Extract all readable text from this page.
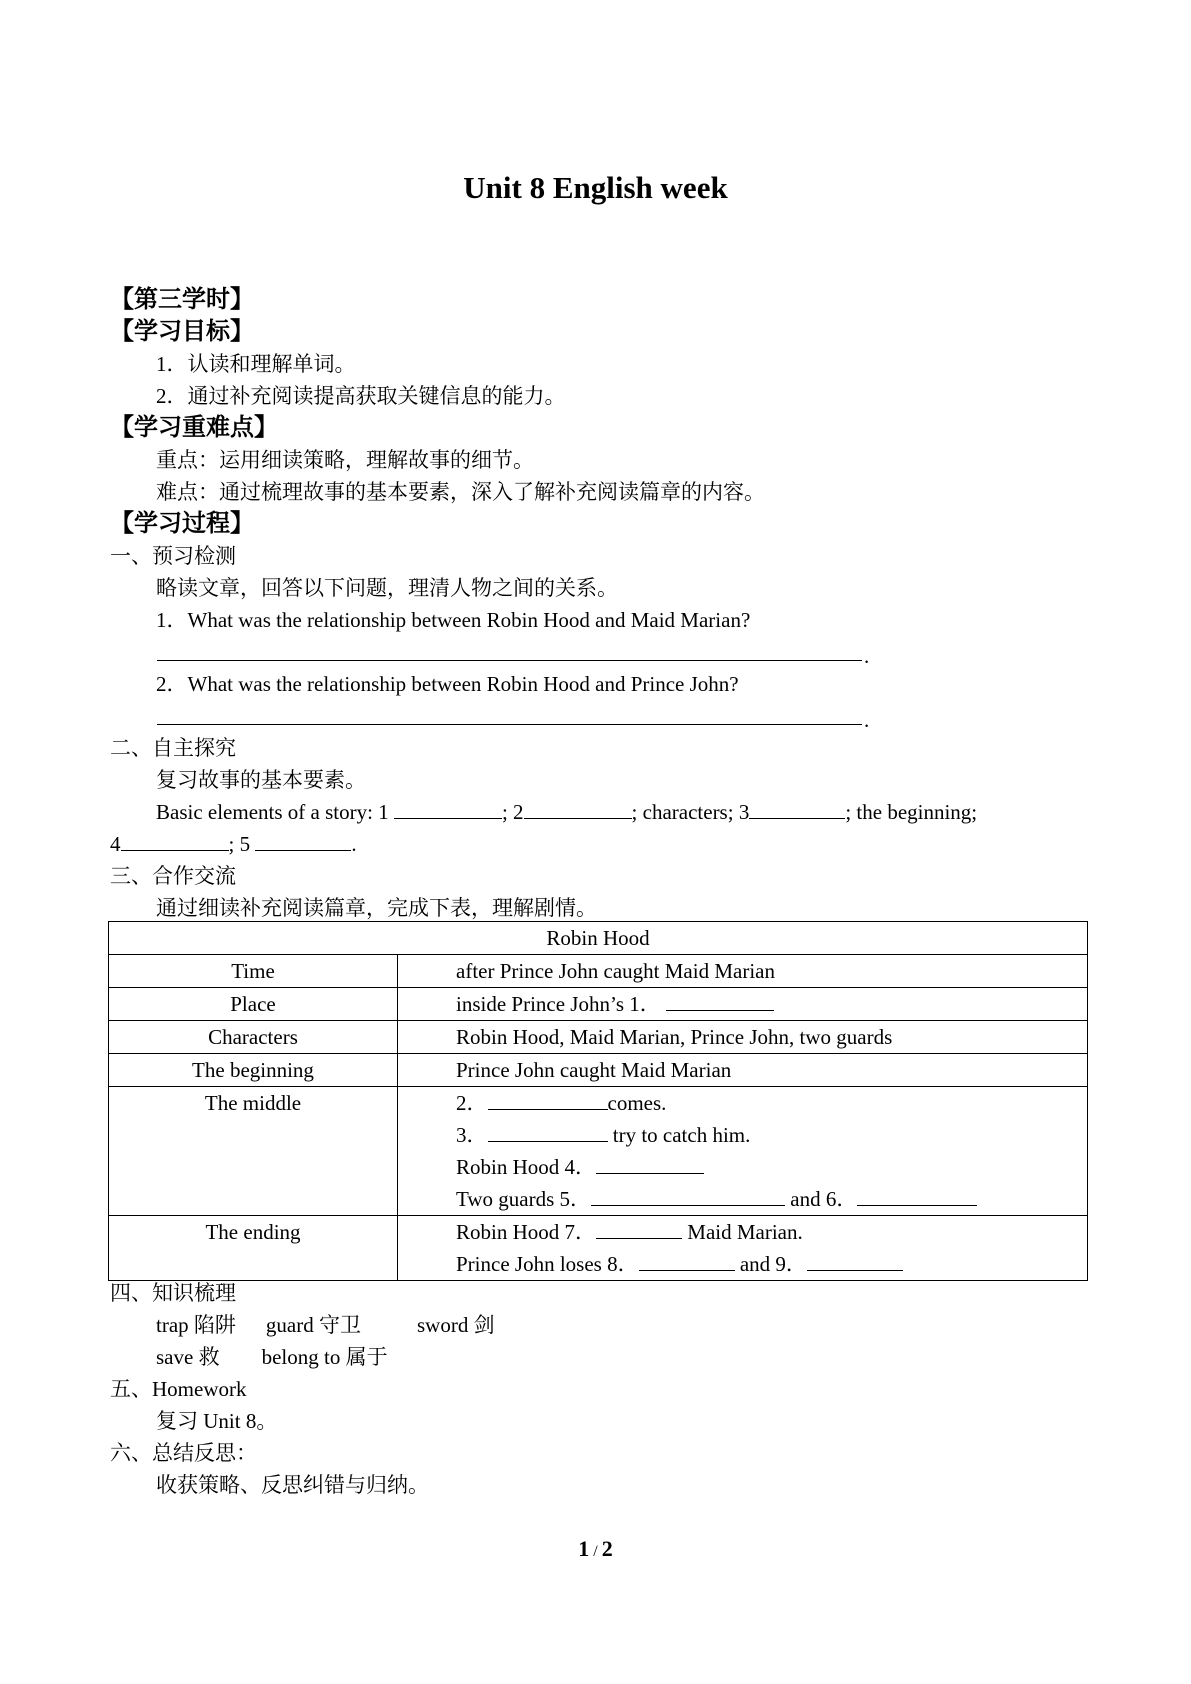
Unit 8 English week
【第三学时】
【学习目标】
1．认读和理解单词。
2．通过补充阅读提高获取关键信息的能力。
【学习重难点】
重点：运用细读策略，理解故事的细节。
难点：通过梳理故事的基本要素，深入了解补充阅读篇章的内容。
【学习过程】
一、预习检测
略读文章，回答以下问题，理清人物之间的关系。
1．What was the relationship between Robin Hood and Maid Marian?
.
2．What was the relationship between Robin Hood and Prince John?
.
二、自主探究
复习故事的基本要素。
Basic elements of a story: 1	; 2	; characters; 3	; the beginning;
4	; 5	.
三、合作交流
通过细读补充阅读篇章，完成下表，理解剧情。
Robin Hood	
Time	after Prince John caught Maid Marian
Place	inside Prince John’s 1．
Characters	Robin Hood, Maid Marian, Prince John, two guards
The beginning	Prince John caught Maid Marian
The middle	2． comes.
3． try to catch him.
Robin Hood 4．
Two guards 5． and 6．

The ending	Robin Hood 7． Maid Marian.
Prince John loses 8． and 9．
四、知识梳理
trap 陷阱 guard 守卫	sword 剑
save 救 belong to 属于
五、Homework
复习 Unit 8。
六、总结反思：
收获策略、反思纠错与归纳。
1 / 2
